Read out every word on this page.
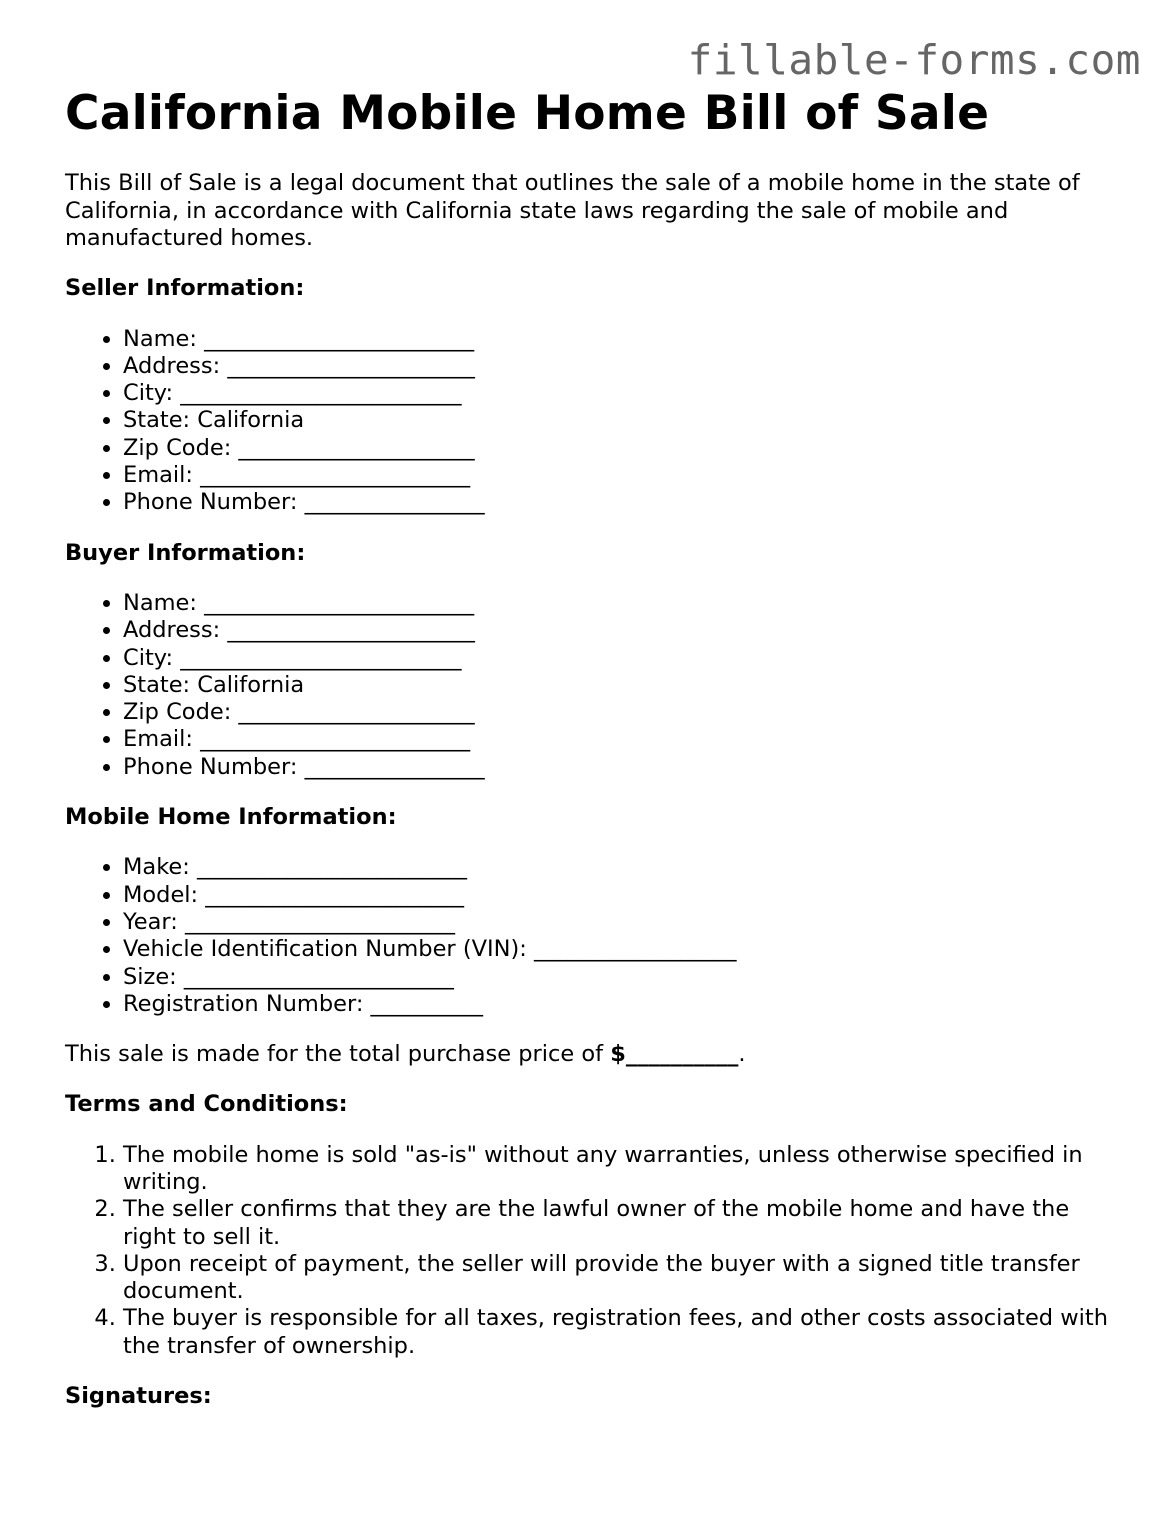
fillable-forms.com
California Mobile Home Bill of Sale

This Bill of Sale is a legal document that outlines the sale of a mobile home in the state of California, in accordance with California state laws regarding the sale of mobile and manufactured homes.

Seller Information:
• Name: ________________________
• Address: ______________________
• City: _________________________
• State: California
• Zip Code: _____________________
• Email: ________________________
• Phone Number: ________________
Buyer Information:
• Name: ________________________
• Address: ______________________
• City: _________________________
• State: California
• Zip Code: _____________________
• Email: ________________________
• Phone Number: ________________
Mobile Home Information:
• Make: ________________________
• Model: _______________________
• Year: ________________________
• Vehicle Identification Number (VIN): __________________
• Size: ________________________
• Registration Number: __________

This sale is made for the total purchase price of $__________.

Terms and Conditions:
1. The mobile home is sold "as-is" without any warranties, unless otherwise specified in writing.
2. The seller confirms that they are the lawful owner of the mobile home and have the right to sell it.
3. Upon receipt of payment, the seller will provide the buyer with a signed title transfer document.
4. The buyer is responsible for all taxes, registration fees, and other costs associated with the transfer of ownership.
Signatures:
